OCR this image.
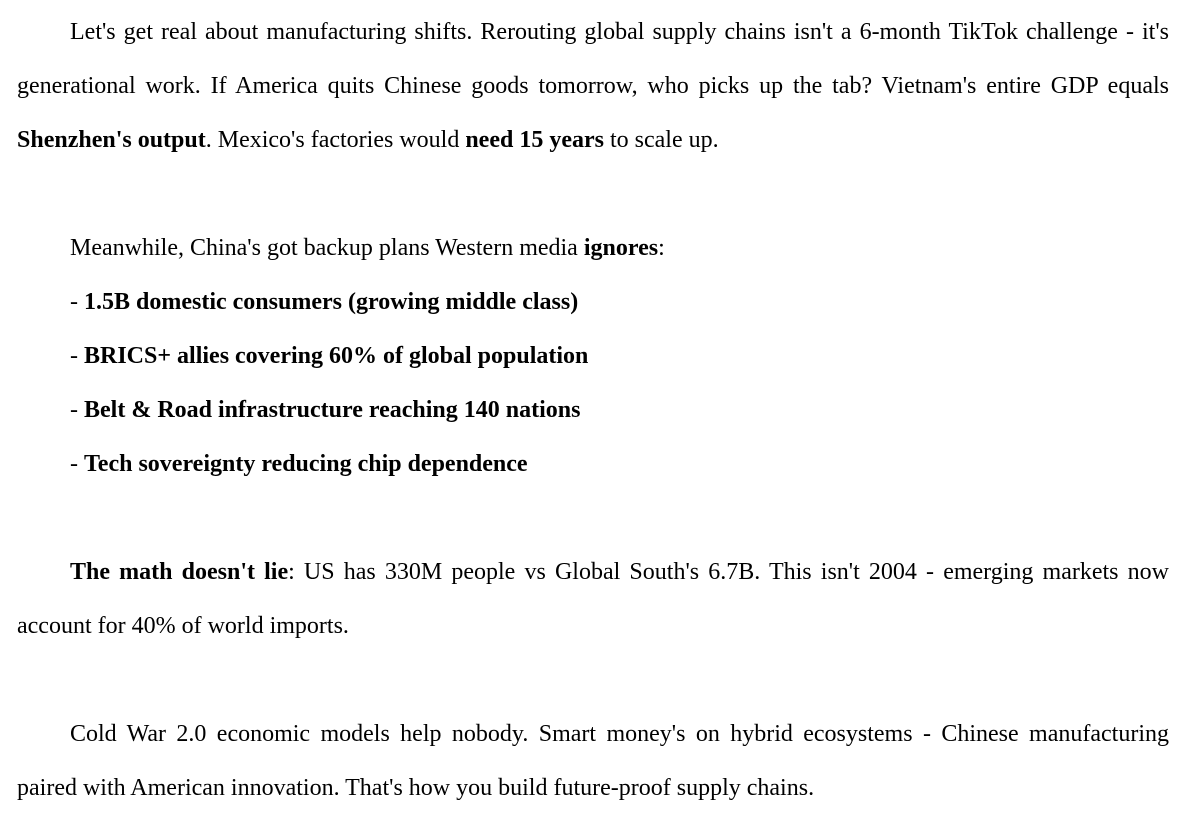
Let's get real about manufacturing shifts. Rerouting global supply chains isn't a 6-month TikTok challenge - it's generational work. If America quits Chinese goods tomorrow, who picks up the tab? Vietnam's entire GDP equals Shenzhen's output. Mexico's factories would need 15 years to scale up.

Meanwhile, China's got backup plans Western media ignores:

- 1.5B domestic consumers (growing middle class)
- BRICS+ allies covering 60% of global population
- Belt & Road infrastructure reaching 140 nations
- Tech sovereignty reducing chip dependence

The math doesn't lie: US has 330M people vs Global South's 6.7B. This isn't 2004 - emerging markets now account for 40% of world imports.

Cold War 2.0 economic models help nobody. Smart money's on hybrid ecosystems - Chinese manufacturing paired with American innovation. That's how you build future-proof supply chains.
